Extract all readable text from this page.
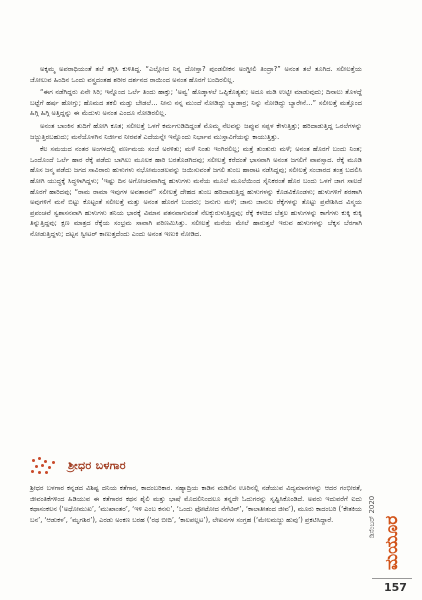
ಅಕ್ಕಮ್ಮ ಅಪರಾಧಿಯಂತೆ ತಲೆ ತಗ್ಗಿಸಿ ಕುಳಿತಿದ್ದ. “ಎಲ್ಲೋದ ನಿನ್ನ ದೋಸ್ತಾ? ಪುಂಡಲೀಕನ ಅಂಗ್ಡೀಲಿ ತಿಂದ್ರಾ?” ಅನಂತ ತಲೆ ತೂಗಿದ. ಸಲೀಲತ್ತೆಯ ಜೋಲುವ ಹಿಂದಿನ ಒಂದು ವಸ್ತ್ರದಂತಹ ಶರೀರ ದರ್ಶನದ ರಾಯಿಂದ ಅನಂತ ಹೊರಗೆ ಬಂದಿರಲಿಲ್ಲ.

“ಈಗ ನಡೆಗಿದ್ದರು ಏನೇ ಸಿರಿ; ಇನ್ನೊಂದ ಒರ್ಲೆ ತಿಂದು ಹಾಕ್ತು; ‘ಅವ್ವ’ ಹೊಡ್ಕಾಳಲೆ ಒಪ್ಪಿಕೊತ್ಯತು; ಅದೂ ಮಡಿ ಉಟ್ಟೀ ಮಾಡುವುದು; ದಿನಾಲು ತೊಳದ್ದೆ ಬಟ್ಟೆಗೆ ಹರ್ಷ ಹೋಗ್ತು; ಹೊಮದ ತಕಲಿ ಮಡ್ತು ಬೇಡಲೆ… ನೀನು ನನ್ನ ಮುಂದೆ ನೋಡಿದ್ದು ಬ್ಯಾಡಾರ್ರ; ನಿನ್ನು ನೋಡಿದ್ದು ಬ್ಯಾರೇನೆ…” ಸಲೀಲತ್ತೆ ಮತ್ತೊಂದ ಹಿಗ್ಗಿ ಹಿಗ್ಗಿ ಅತ್ತಿದ್ದನ್ನು ಈ ಮೆದುಳು ಅನಂತ ಎಂದೂ ನೋಡಿರಲಿಲ್ಲ.

ಅನಂತ ಬಾಂಕಿನ ತುದಿಗೆ ಹೋಗಿ ಕೂತ; ಸಲೀಲತ್ತೆ ಒಳಗೆ ಕರ್ಮಗುಡಿದಿದ್ದಂತೆ ಮೊಮ್ಮ ನೆಲವನ್ನು ಜಪ್ಪುವ ಸಪ್ಪಳ ಕೇಳುತ್ತಿತ್ತು; ಹರಿದಾಡುತ್ತಿದ್ದ ಒರಲೆಗಳನ್ನು ಜಜ್ಜುತ್ತಿರಬಹುದು; ಮನೆಯೊಳಗಿನ ನಿರ್ಜೀವ ನೀರವತೆ ಎದೆಯನ್ನೇ ಇನ್ನೊಂದು ನಿರ್ಭಾವ ಮುಸ್ತಾವಿಗೆಯನ್ನು ಕಾಯುತ್ತಿತ್ತು.

ಕೆಲ ಸಮಯದ ನಂತರ ಅಂಗಳದಲ್ಲಿ ವರ್ಣಮಯ ಸಂಜೆ ಅರಳಿತು; ಮಳೆ ನಿಂತು ಇಂಗಿರಲಿಲ್ಲ; ಮತ್ತೆ ತುಂತುರು ಮಳೆ; ಅನಂತ ಹೊರಗೆ ಬಂದು ನಿಂತ; ಒಂದೊಂದೆ ಒರ್ಲೆ ಹಾರ ರೆಕ್ಕೆ ಪಡೆದು ಬಾಗಿಲು ಮೂಲಕ ಹಾರಿ ಬರತೊಡಗಿದವು; ಸಲೀಲತ್ತೆ ಕರೆದಂತೆ ಭಾಸವಾಗಿ ಅನಂತ ಜಗಲಿಗೆ ವಾಪಸ್ಸಾದ. ರೆಕ್ಕೆ ಮೂಡಿ ಹೊಸ ಜನ್ಮ ಪಡೆದು ಜಗದ ಸಾವಿರಾರು ಹುಳುಗಳು ನಭೋಮಂಡಲವನ್ನು ಜಯಿಸುವಂತೆ ಜಗಲಿ ತುಂಬ ಹಾರಾಟ ನಡೆಸಿದ್ದವು; ಸಲೀಲತ್ತೆ ಸಂಜಾರದ ತಂತ್ರ ಬದಲಿಸಿ ಹೋಗಿ ಯುದ್ಧಕ್ಕೆ ಸಿದ್ಧಳಾಗಿದ್ದಳು; ‘ಇಷ್ಟು ದಿನ ಅಗೋಚರವಾಗಿದ್ದ ಹುಳುಗಳು ಮನೆಯ ಮೂಲೆ ಮೂಲೆಯಿಂದ ಸೈನಿಕರಂತೆ ಹೊರ ಬಂದು ಒಳಗೆ ಜಾಗ ಸಾಲದೆ ಹೊರಗೆ ಹಾರಿದವು; “ರಾಮ ರಾಮಾ ಇವುಗಳ ಅವತಾರವೆ” ಸಲೀಲತ್ತೆ ದೇಹದ ತುಂಬ ಹರಿದಾಡುತ್ತಿದ್ದ ಹುಳುಗಳನ್ನು ಕೊಡವಿಕೊಂಡಳು; ಹುಳುಗಳಿಗೆ ಶರಣಾಗಿ ಅವುಗಳಿಗೆ ಮನೆ ಬಿಟ್ಟು ಕೊಟ್ಟಂತೆ ಸಲೀಲತ್ತೆ ಮತ್ತು ಅನಂತ ಹೊರಗೆ ಬಂದರು; ಜನುಗು ಮಳೆ; ಜಾನು ಜಾನುಲ ರೆಕ್ಕೆಗಳನ್ನು ತೊಟ್ಟು ಪ್ರವೇಶಿಸಿದ ವಿಸ್ಮಯ ಪ್ರಪಂಚವೆ ಸ್ವಶಾಸನವಾಗಿ ಹುಳುಗಳು ತನಿಯ ಭಾರಕ್ಕೆ ವಿಮಾನ ಪತನವಾಗುವಂತೆ ನೆಲಕ್ಕುರುಳುತ್ತಿದ್ದವು; ರೆಕ್ಕೆ ಕಳಚಿದ ಬೆತ್ತಲ ಹುಳುಗಳನ್ನು ಕಾಗೆಗಳು ಕುಕ್ಕಿ ಕುಕ್ಕಿ ತಿನ್ನುತ್ತಿದ್ದವು; ಕ್ಷಣ ಮಾತ್ರದ ರೆಕ್ಕೆಯ ಸಂಭ್ರಮ ಸಾವಾಗಿ ಪರಿಣಮಿಸಿತ್ತು. ಸಲೀಲತ್ತೆ ಮನೆಯ ಮೇಲೆ ಹಾರುತ್ತಲೆ ಇರುವ ಹುಳುಗಳನ್ನು ಬೆಕ್ಕಸ ಬೆರಗಾಗಿ ನೋಡುತ್ತಿದ್ದಳು; ದಟ್ಟನ ಸ್ವೀಟರ್ ಕಾಣುತ್ತದೆಂದು ಎಂದು ಅನಂತ ಇಣುಕಿ ನೋಡಿದ.

ಶ್ರೀಧರ ಬಳಗಾರ

ಶ್ರೀಧರ ಬಳಗಾರ ಕನ್ನಡದ ವಿಶಿಷ್ಟ ದನಿಯ ಕತೆಗಾರ, ಕಾದಂಬರಿಕಾರ. ಸಹ್ಯಾದ್ರಿಯ ಕಾಡಿನ ಮಡಿಲಿನ ಊರಿನಲ್ಲಿ ನಡೆಯುವ ವಿದ್ಯಮಾನಗಳನ್ನು ಆದರ ಗಂಭೀರತೆ, ಜೀವಂತಿಕೆಗಳಿಂದ ಹಿಡಿಯುವ ಈ ಕತೆಗಾರರ ಕಥನ ಶೈಲಿ ಮತ್ತು ಭಾಷೆ ಮೊದಲಿನಿಂದಲೂ ತನ್ನದೇ ಓದುಗರನ್ನು ಸೃಷ್ಟಿಸಿಕೊಂಡಿದೆ. ಅವರು ಇದುವರೆಗೆ ಐದು ಕಥಾಸಂಕಲನ (‘ಅಧೋಮುಖ’, ‘ಮುಖಾಂತರ’, ‘ಇಳಿ ಎಂಬ ಕನಸು’, ‘ಒಂದು ಫೋಟೋದ ನೆಗೆಟಿವ್’, ‘ಕಾಲಾತೀತಂದ ಜೀವ’), ಮೂರು ಕಾದಂಬರಿ (‘ಕೇತಕಿಯ ಬನ’, ‘ಆಡುಕಳ’, ‘ಮೃಗಶಿರ’), ಎರಡು ಅಂಕಣ ಬರಹ (‘ರಥ ಬೀದಿ’, ‘ಕಾಲಪಲ್ಲಟ’), ಲೇಖನಗಳ ಸಂಗ್ರಹ (‘ಮೇಲಮಜ್ಜು ಹುವು’) ಪ್ರಕಟಿಸಿದ್ದಾರೆ.	ಡಿಸೆಂಬರ್ 2020 ಮಯೂರ
157
